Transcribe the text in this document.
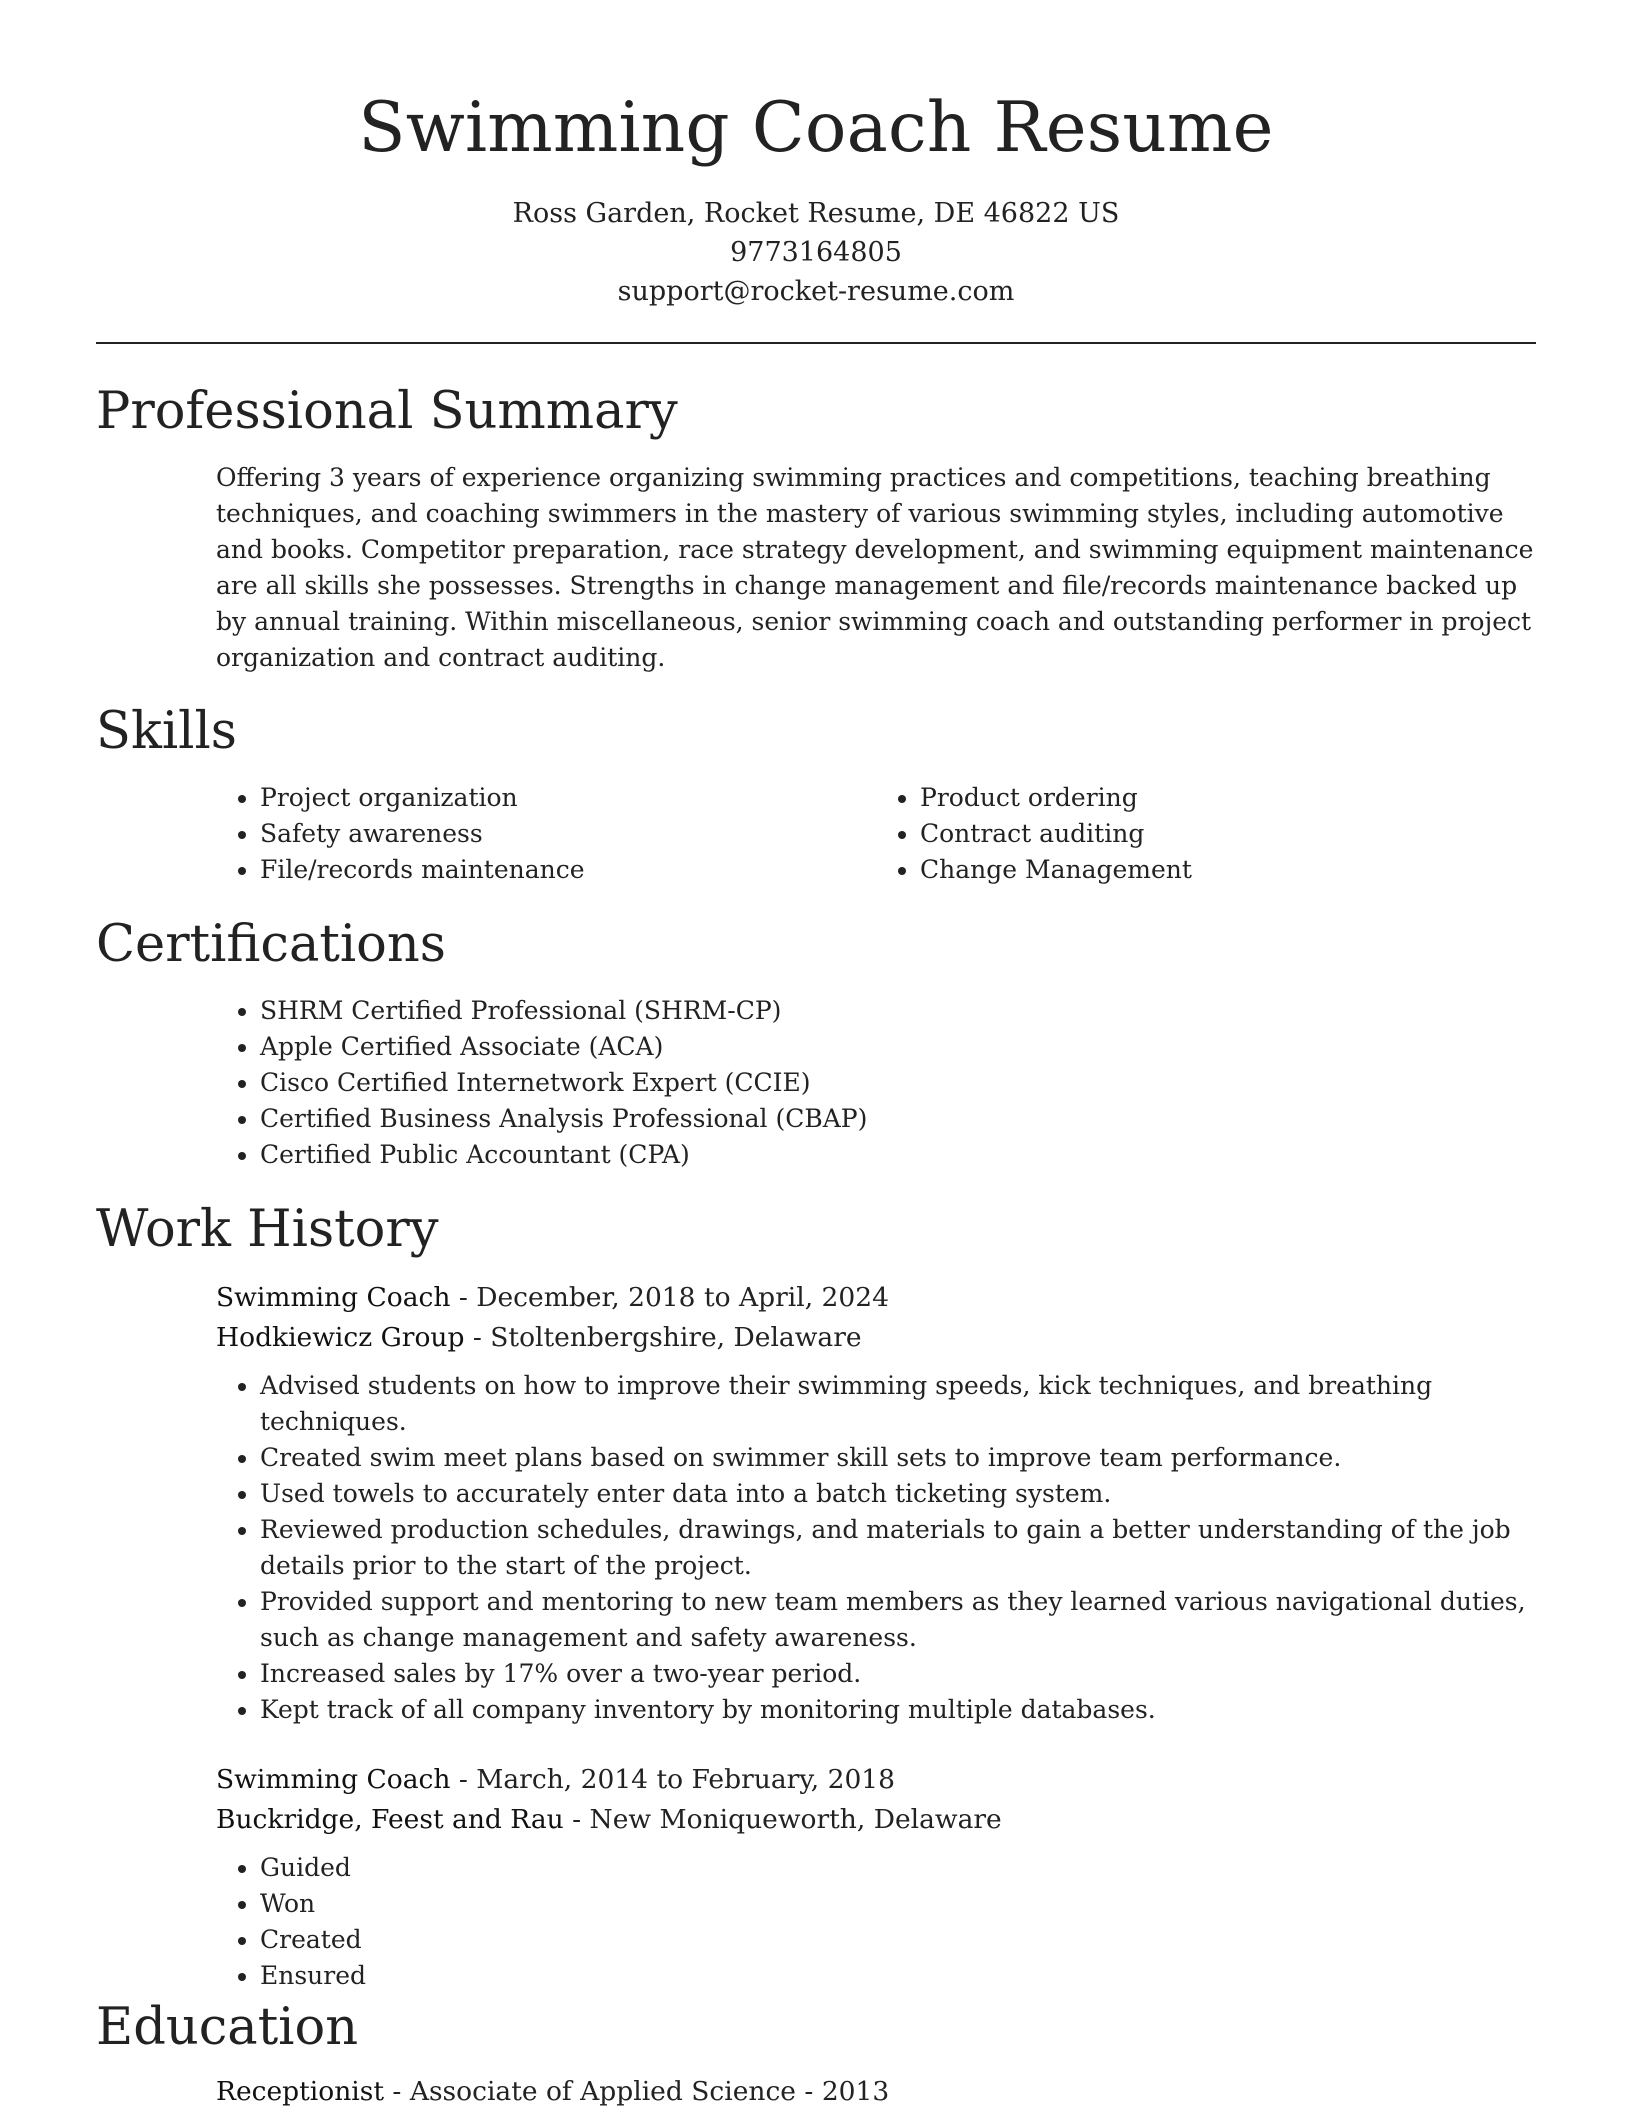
Swimming Coach Resume
Ross Garden, Rocket Resume, DE 46822 US
9773164805
support@rocket-resume.com
Professional Summary
Offering 3 years of experience organizing swimming practices and competitions, teaching breathing techniques, and coaching swimmers in the mastery of various swimming styles, including automotive and books. Competitor preparation, race strategy development, and swimming equipment maintenance are all skills she possesses. Strengths in change management and file/records maintenance backed up by annual training. Within miscellaneous, senior swimming coach and outstanding performer in project organization and contract auditing.
Skills
• Project organization
• Safety awareness
• File/records maintenance
• Product ordering
• Contract auditing
• Change Management
Certifications
• SHRM Certified Professional (SHRM-CP)
• Apple Certified Associate (ACA)
• Cisco Certified Internetwork Expert (CCIE)
• Certified Business Analysis Professional (CBAP)
• Certified Public Accountant (CPA)
Work History
Swimming Coach - December, 2018 to April, 2024
Hodkiewicz Group - Stoltenbergshire, Delaware
• Advised students on how to improve their swimming speeds, kick techniques, and breathing techniques.
• Created swim meet plans based on swimmer skill sets to improve team performance.
• Used towels to accurately enter data into a batch ticketing system.
• Reviewed production schedules, drawings, and materials to gain a better understanding of the job details prior to the start of the project.
• Provided support and mentoring to new team members as they learned various navigational duties, such as change management and safety awareness.
• Increased sales by 17% over a two-year period.
• Kept track of all company inventory by monitoring multiple databases.
Swimming Coach - March, 2014 to February, 2018
Buckridge, Feest and Rau - New Moniqueworth, Delaware
• Guided
• Won
• Created
• Ensured
Education
Receptionist - Associate of Applied Science - 2013
